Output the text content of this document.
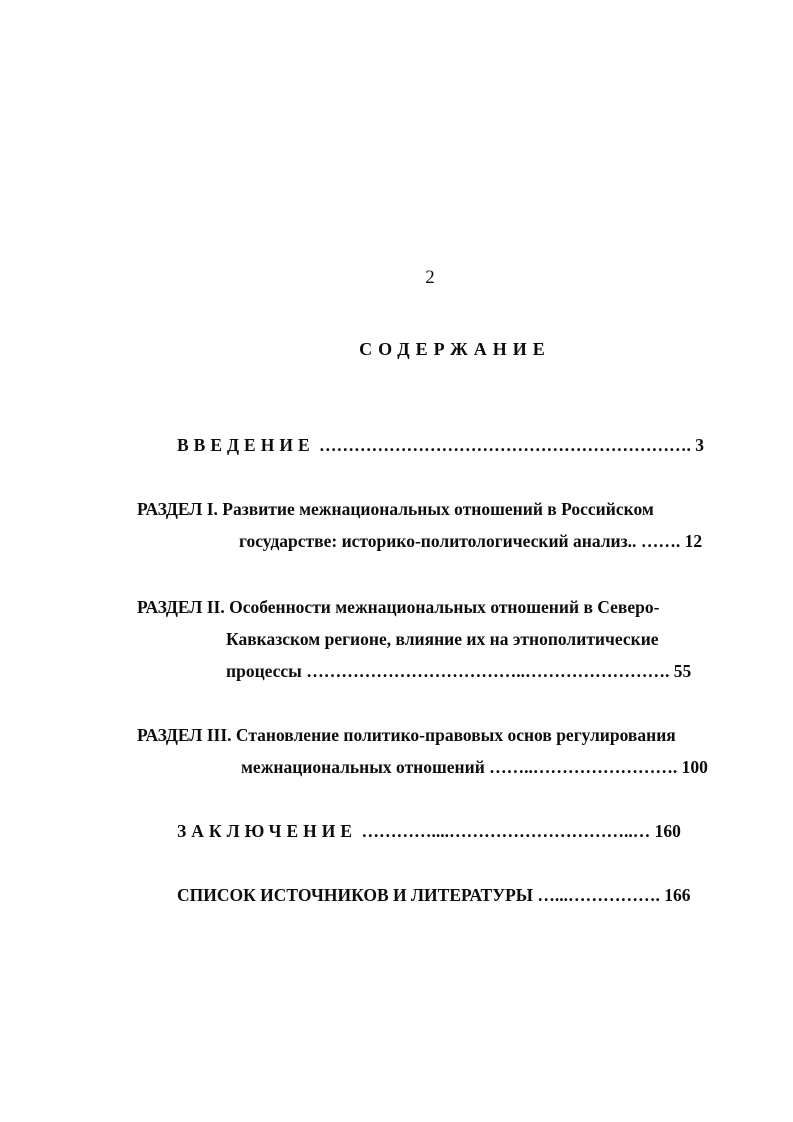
2
СОДЕРЖАНИЕ
ВВЕДЕНИЕ ………………………………………………………. 3
РАЗДЕЛ I. Развитие межнациональных отношений в Российском
государстве: историко-политологический анализ.. ……. 12
РАЗДЕЛ II. Особенности межнациональных отношений в Северо-
Кавказском регионе, влияние их на этнополитические
процессы ………………………………..……………………. 55
РАЗДЕЛ III. Становление политико-правовых основ регулирования
межнациональных отношений ……..……………………. 100
ЗАКЛЮЧЕНИЕ …………....…………………………..… 160
СПИСОК ИСТОЧНИКОВ И ЛИТЕРАТУРЫ …...……………. 166
